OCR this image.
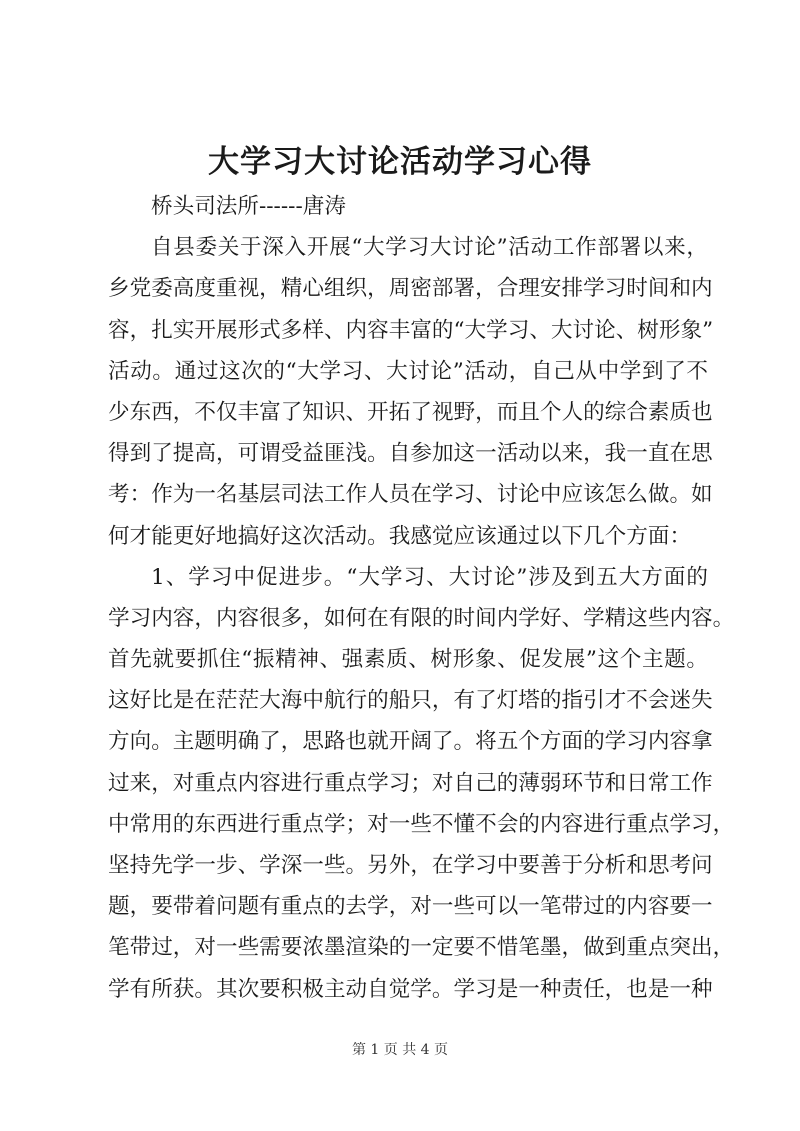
大学习大讨论活动学习心得
桥头司法所------唐涛
自县委关于深入开展“大学习大讨论”活动工作部署以来，
乡党委高度重视，精心组织，周密部署，合理安排学习时间和内
容，扎实开展形式多样、内容丰富的“大学习、大讨论、树形象”
活动。通过这次的“大学习、大讨论”活动，自己从中学到了不
少东西，不仅丰富了知识、开拓了视野，而且个人的综合素质也
得到了提高，可谓受益匪浅。自参加这一活动以来，我一直在思
考：作为一名基层司法工作人员在学习、讨论中应该怎么做。如
何才能更好地搞好这次活动。我感觉应该通过以下几个方面：
1、学习中促进步。“大学习、大讨论”涉及到五大方面的
学习内容，内容很多，如何在有限的时间内学好、学精这些内容。
首先就要抓住“振精神、强素质、树形象、促发展”这个主题。
这好比是在茫茫大海中航行的船只，有了灯塔的指引才不会迷失
方向。主题明确了，思路也就开阔了。将五个方面的学习内容拿
过来，对重点内容进行重点学习；对自己的薄弱环节和日常工作
中常用的东西进行重点学；对一些不懂不会的内容进行重点学习，
坚持先学一步、学深一些。另外，在学习中要善于分析和思考问
题，要带着问题有重点的去学，对一些可以一笔带过的内容要一
笔带过，对一些需要浓墨渲染的一定要不惜笔墨，做到重点突出，
学有所获。其次要积极主动自觉学。学习是一种责任，也是一种
第 1 页 共 4 页
